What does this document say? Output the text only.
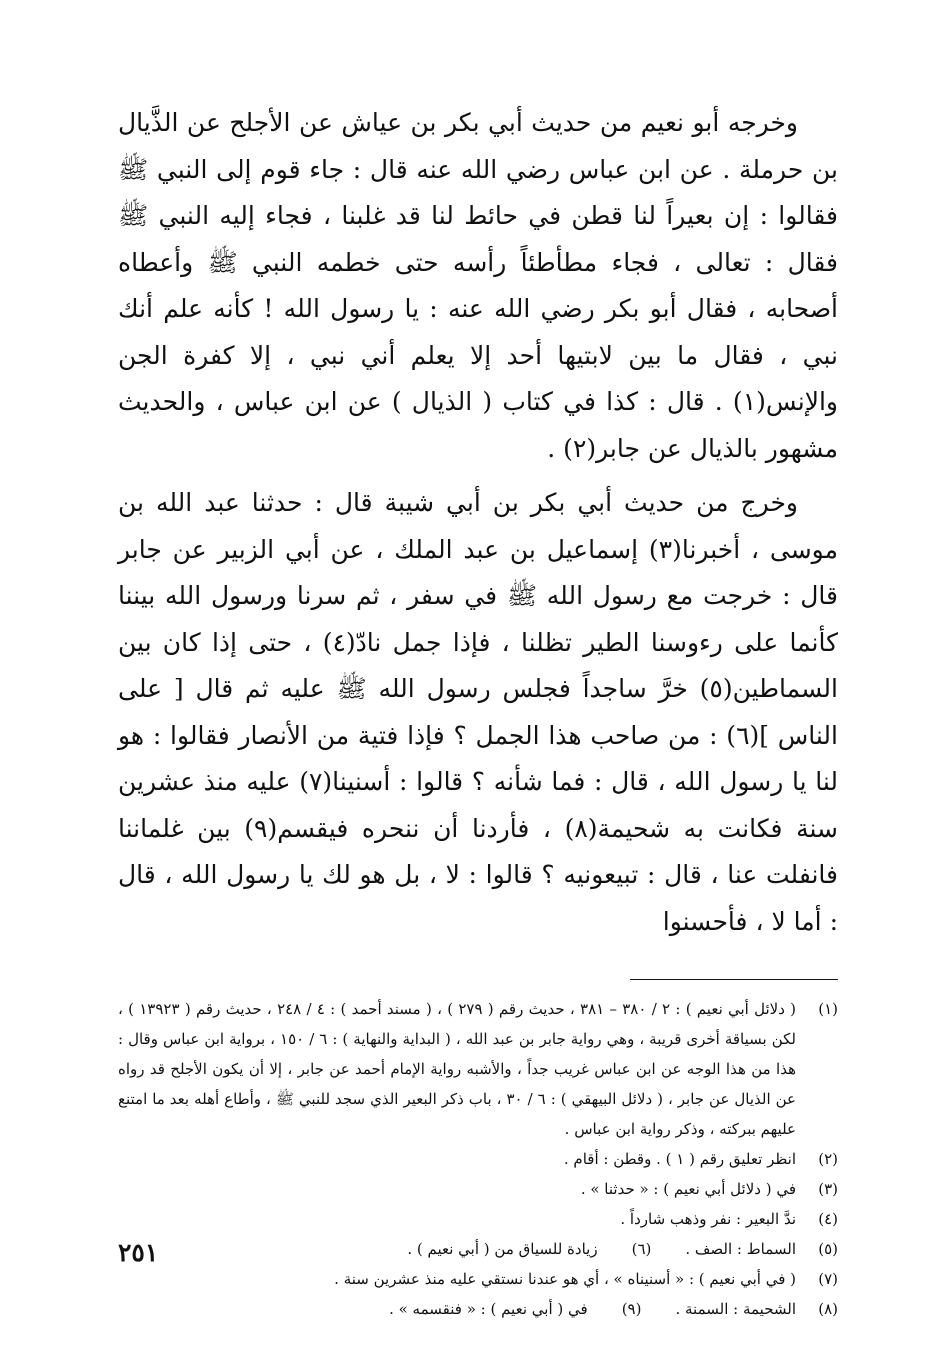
وخرجه أبو نعيم من حديث أبي بكر بن عياش عن الأجلح عن الذَّيال بن حرملة . عن ابن عباس رضي الله عنه قال : جاء قوم إلى النبي ﷺ فقالوا : إن بعيراً لنا قطن في حائط لنا قد غلبنا ، فجاء إليه النبي ﷺ فقال : تعالى ، فجاء مطأطئاً رأسه حتى خطمه النبي ﷺ وأعطاه أصحابه ، فقال أبو بكر رضي الله عنه : يا رسول الله ! كأنه علم أنك نبي ، فقال ما بين لابتيها أحد إلا يعلم أني نبي ، إلا كفرة الجن والإنس(١) . قال : كذا في كتاب ( الذيال ) عن ابن عباس ، والحديث مشهور بالذيال عن جابر(٢) .

وخرج من حديث أبي بكر بن أبي شيبة قال : حدثنا عبد الله بن موسى ، أخبرنا(٣) إسماعيل بن عبد الملك ، عن أبي الزبير عن جابر قال : خرجت مع رسول الله ﷺ في سفر ، ثم سرنا ورسول الله بيننا كأنما على رءوسنا الطير تظلنا ، فإذا جمل نادّ(٤) ، حتى إذا كان بين السماطين(٥) خرَّ ساجداً فجلس رسول الله ﷺ عليه ثم قال [ على الناس ](٦) : من صاحب هذا الجمل ؟ فإذا فتية من الأنصار فقالوا : هو لنا يا رسول الله ، قال : فما شأنه ؟ قالوا : أسنينا(٧) عليه منذ عشرين سنة فكانت به شحيمة(٨) ، فأردنا أن ننحره فيقسم(٩) بين غلماننا فانفلت عنا ، قال : تبيعونيه ؟ قالوا : لا ، بل هو لك يا رسول الله ، قال : أما لا ، فأحسنوا

(١)
( دلائل أبي نعيم ) : ٢ / ٣٨٠ – ٣٨١ ، حديث رقم ( ٢٧٩ ) ، ( مسند أحمد ) : ٤ / ٢٤٨ ، حديث رقم ( ١٣٩٢٣ ) ، لكن بسياقة أخرى قريبة ، وهي رواية جابر بن عبد الله ، ( البداية والنهاية ) : ٦ / ١٥٠ ، برواية ابن عباس وقال : هذا من هذا الوجه عن ابن عباس غريب جداً ، والأشبه رواية الإمام أحمد عن جابر ، إلا أن يكون الأجلح قد رواه عن الذيال عن جابر ، ( دلائل البيهقي ) : ٦ / ٣٠ ، باب ذكر البعير الذي سجد للنبي ﷺ ، وأطاع أهله بعد ما امتنع عليهم ببركته ، وذكر رواية ابن عباس .
(٢)
انظر تعليق رقم ( ١ ) . وقطن : أقام .
(٣)
في ( دلائل أبي نعيم ) : « حدثنا » .
(٤)
ندَّ البعير : نفر وذهب شارداً .
(٥)
السماط : الصف .(٦)زيادة للسياق من ( أبي نعيم ) .
(٧)
( في أبي نعيم ) : « أسنيناه » ، أي هو عندنا نستقي عليه منذ عشرين سنة .
(٨)
الشحيمة : السمنة .(٩)في ( أبي نعيم ) : « فنقسمه » .
٢٥١
